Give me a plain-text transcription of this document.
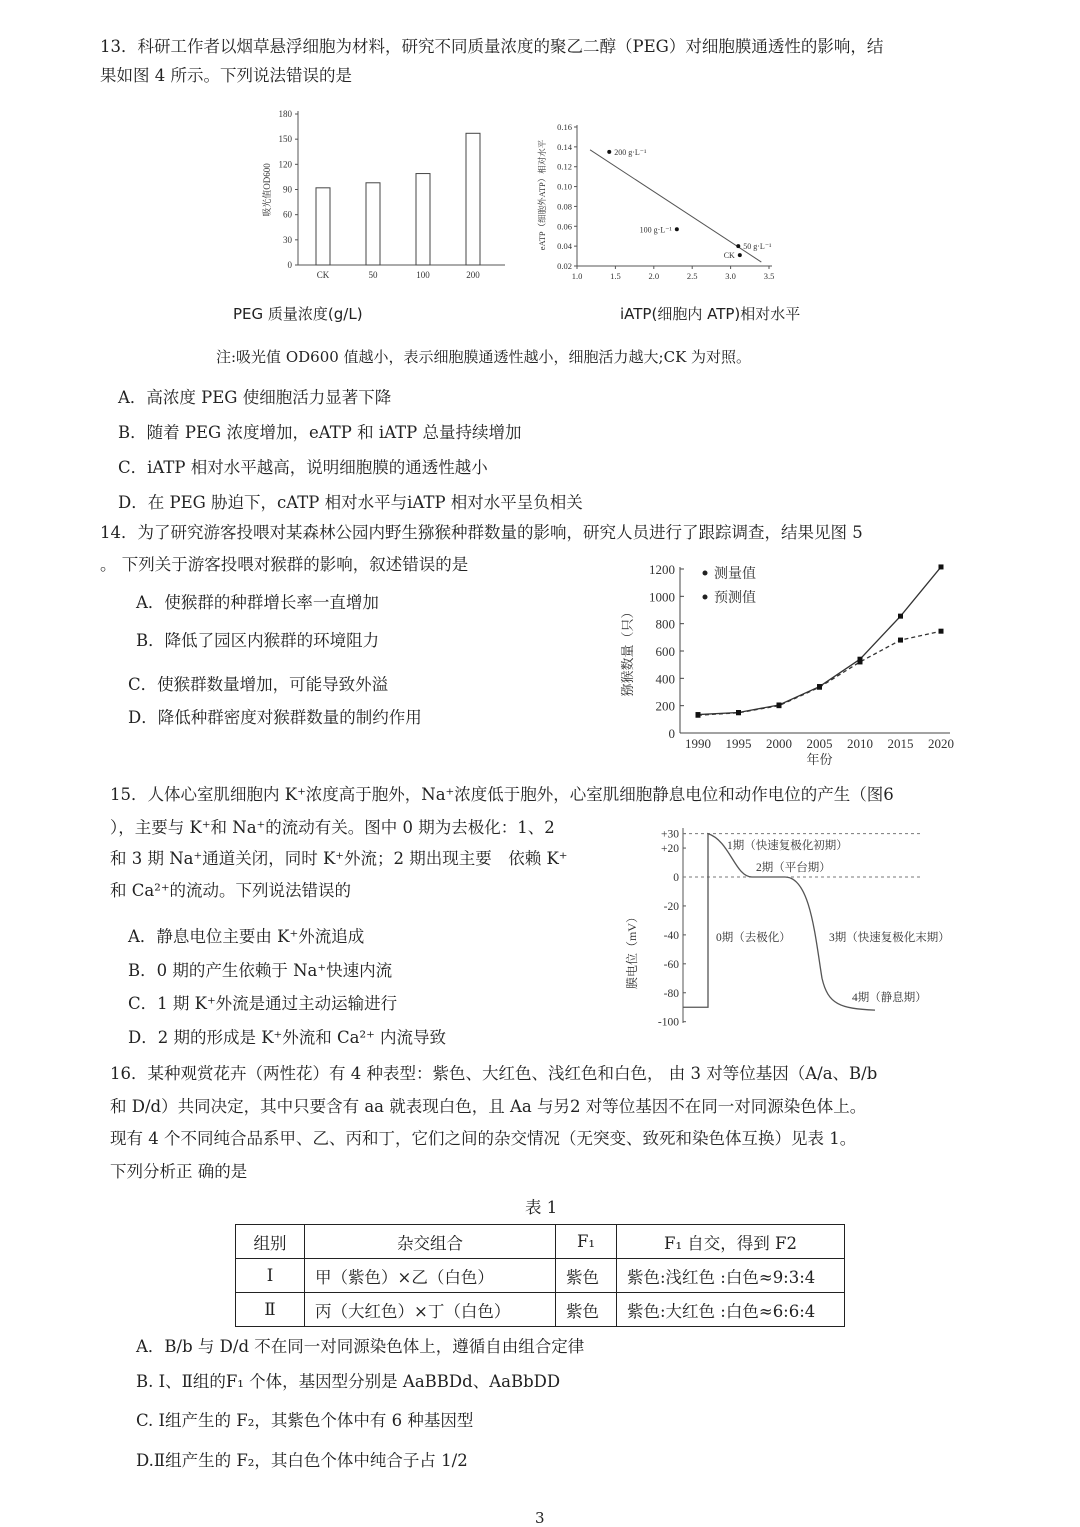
13．科研工作者以烟草悬浮细胞为材料，研究不同质量浓度的聚乙二醇（PEG）对细胞膜通透性的影响，结
果如图 4 所示。下列说法错误的是
0
30
60
90
120
150
180
CK	50	100	200
吸光值OD600
0.02
0.04
0.06
0.08
0.10
0.12
0.14
0.16
1.0	1.5	2.0	2.5	3.0	3.5
200 g·L⁻¹
100 g·L⁻¹
50 g·L⁻¹
CK
eATP（细胞外ATP）相对水平
PEG 质量浓度(g/L)	iATP(细胞内 ATP)相对水平
注:吸光值 OD600 值越小，表示细胞膜通透性越小，细胞活力越大;CK 为对照。
A．高浓度 PEG 使细胞活力显著下降
B．随着 PEG 浓度增加，eATP 和 iATP 总量持续增加
C．iATP 相对水平越高，说明细胞膜的通透性越小
D．在 PEG 胁迫下，cATP 相对水平与iATP 相对水平呈负相关
14．为了研究游客投喂对某森林公园内野生猕猴种群数量的影响，研究人员进行了跟踪调查，结果见图 5
。 下列关于游客投喂对猴群的影响，叙述错误的是
A．使猴群的种群增长率一直增加
B．降低了园区内猴群的环境阻力
C．使猴群数量增加，可能导致外溢
D．降低种群密度对猴群数量的制约作用
0
200
400
600
800
1000
1200
1990 1995 2000 2005 2010 2015 2020
年份
猕猴数量（只）
测量值
预测值
15．人体心室肌细胞内 K⁺浓度高于胞外，Na⁺浓度低于胞外，心室肌细胞静息电位和动作电位的产生（图6
），主要与 K⁺和 Na⁺的流动有关。图中 0 期为去极化：1、2
和 3 期 Na⁺通道关闭，同时 K⁺外流；2 期出现主要　依赖 K⁺
和 Ca²⁺的流动。下列说法错误的
A．静息电位主要由 K⁺外流追成
B．0 期的产生依赖于 Na⁺快速内流
C．1 期 K⁺外流是通过主动运输进行
D．2 期的形成是 K⁺外流和 Ca²⁺ 内流导致
+30
+20
0
-20
-40
-60
-80
-100
1期（快速复极化初期）
2期（平台期）
0期（去极化）	3期（快速复极化末期）
4期（静息期）
膜电位（mV）
16．某种观赏花卉（两性花）有 4 种表型：紫色、大红色、浅红色和白色， 由 3 对等位基因（A/a、B/b
和 D/d）共同决定，其中只要含有 aa 就表现白色，且 Aa 与另2 对等位基因不在同一对同源染色体上。
现有 4 个不同纯合品系甲、乙、丙和丁，它们之间的杂交情况（无突变、致死和染色体互换）见表 1。
下列分析正 确的是
表 1
组别	杂交组合	F₁	F₁ 自交，得到 F2
Ⅰ	甲（紫色）×乙（白色）	紫色	紫色:浅红色 :白色≈9:3:4
Ⅱ	丙（大红色）×丁（白色）	紫色	紫色:大红色 :白色≈6:6:4
A．B/b 与 D/d 不在同一对同源染色体上，遵循自由组合定律
B. Ⅰ、Ⅱ组的F₁ 个体，基因型分别是 AaBBDd、AaBbDD
C. Ⅰ组产生的 F₂，其紫色个体中有 6 种基因型
D.Ⅱ组产生的 F₂，其白色个体中纯合子占 1/2
3
